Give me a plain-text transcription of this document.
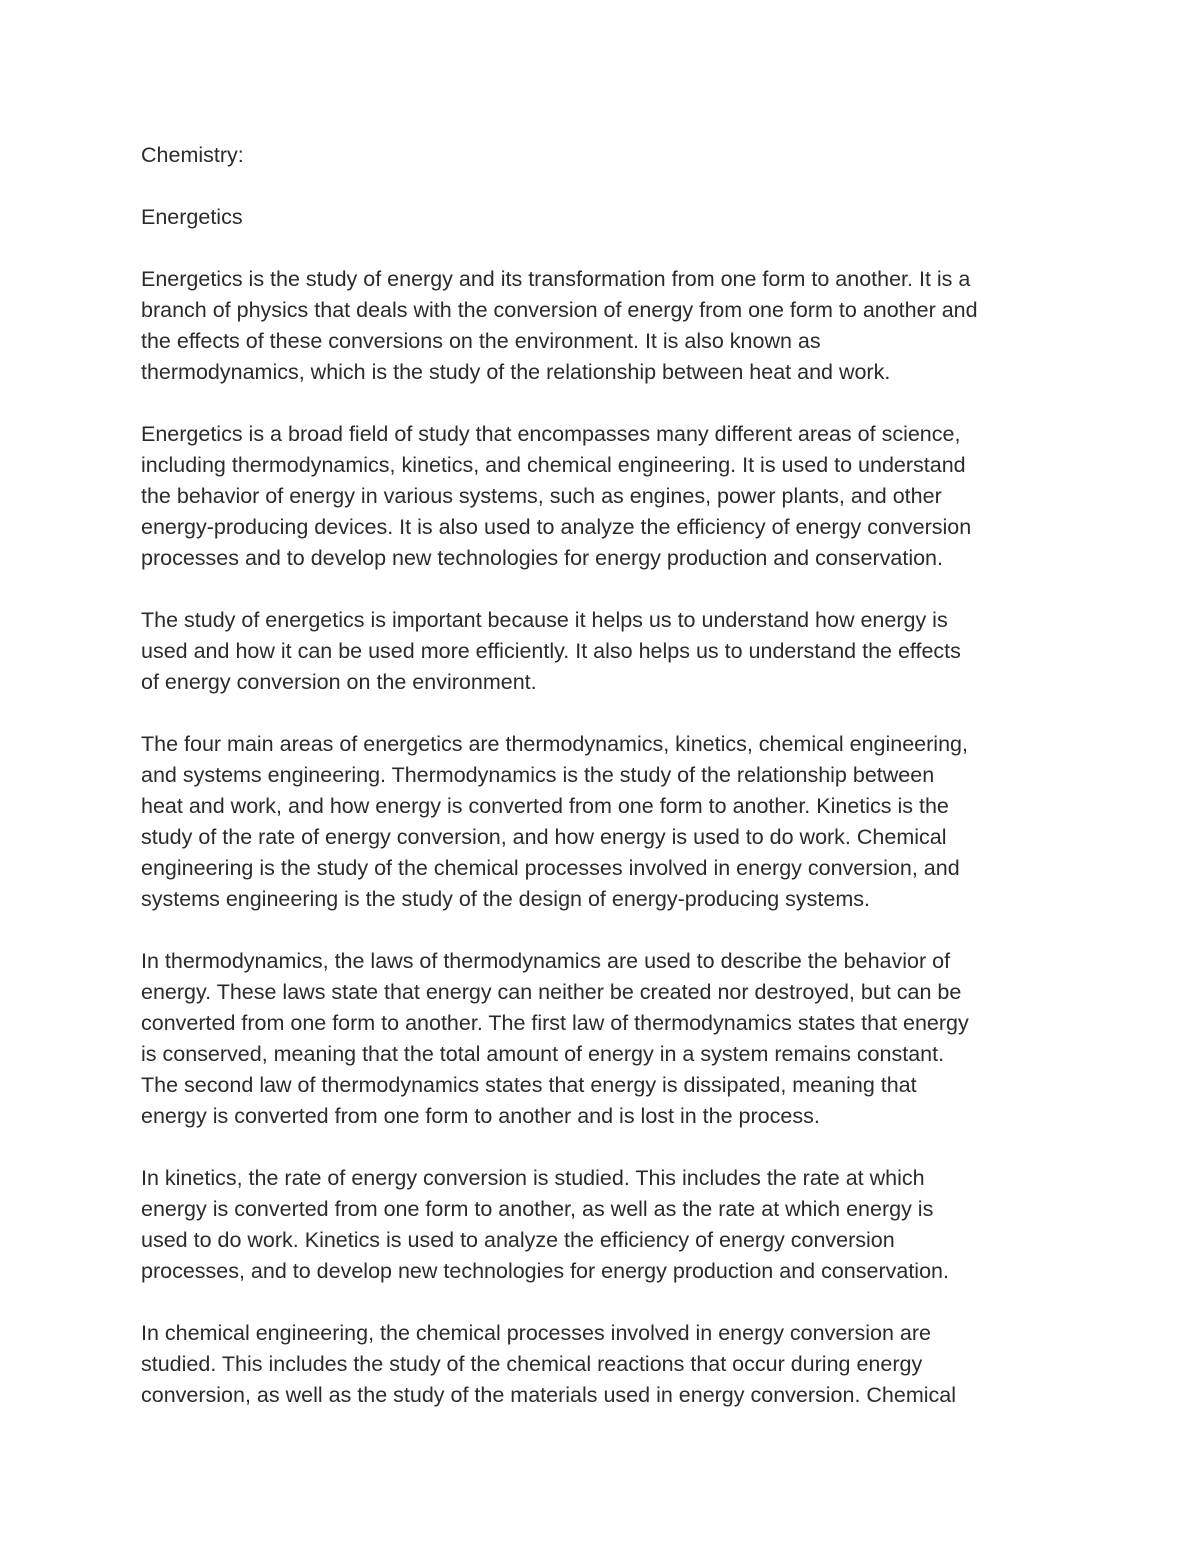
Chemistry:

Energetics

Energetics is the study of energy and its transformation from one form to another. It is a

branch of physics that deals with the conversion of energy from one form to another and

the effects of these conversions on the environment. It is also known as

thermodynamics, which is the study of the relationship between heat and work.

Energetics is a broad field of study that encompasses many different areas of science,

including thermodynamics, kinetics, and chemical engineering. It is used to understand

the behavior of energy in various systems, such as engines, power plants, and other

energy-producing devices. It is also used to analyze the efficiency of energy conversion

processes and to develop new technologies for energy production and conservation.

The study of energetics is important because it helps us to understand how energy is

used and how it can be used more efficiently. It also helps us to understand the effects

of energy conversion on the environment.

The four main areas of energetics are thermodynamics, kinetics, chemical engineering,

and systems engineering. Thermodynamics is the study of the relationship between

heat and work, and how energy is converted from one form to another. Kinetics is the

study of the rate of energy conversion, and how energy is used to do work. Chemical

engineering is the study of the chemical processes involved in energy conversion, and

systems engineering is the study of the design of energy-producing systems.

In thermodynamics, the laws of thermodynamics are used to describe the behavior of

energy. These laws state that energy can neither be created nor destroyed, but can be

converted from one form to another. The first law of thermodynamics states that energy

is conserved, meaning that the total amount of energy in a system remains constant.

The second law of thermodynamics states that energy is dissipated, meaning that

energy is converted from one form to another and is lost in the process.

In kinetics, the rate of energy conversion is studied. This includes the rate at which

energy is converted from one form to another, as well as the rate at which energy is

used to do work. Kinetics is used to analyze the efficiency of energy conversion

processes, and to develop new technologies for energy production and conservation.

In chemical engineering, the chemical processes involved in energy conversion are

studied. This includes the study of the chemical reactions that occur during energy

conversion, as well as the study of the materials used in energy conversion. Chemical
